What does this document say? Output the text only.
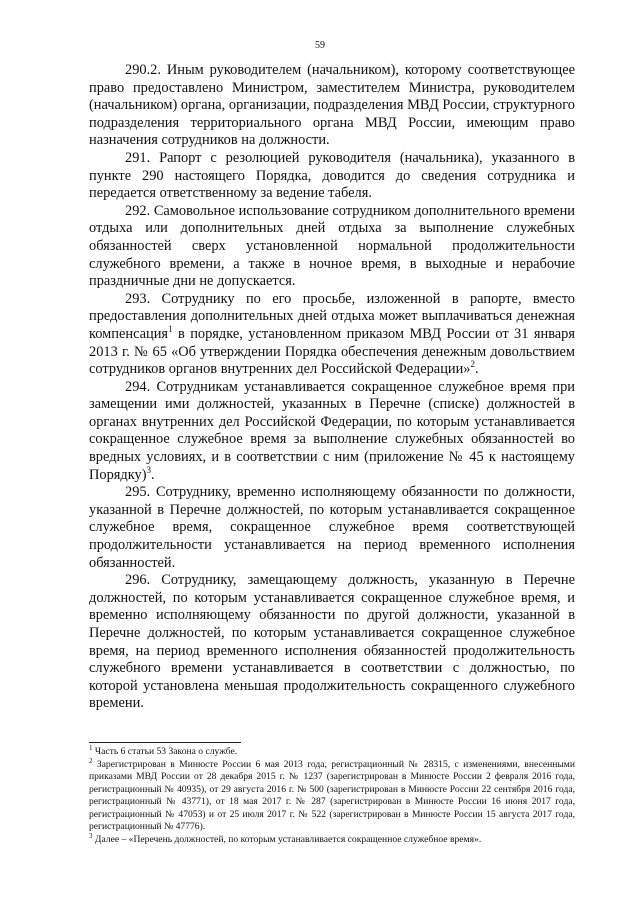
59

290.2. Иным руководителем (начальником), которому соответствующее право предоставлено Министром, заместителем Министра, руководителем (начальником) органа, организации, подразделения МВД России, структурного подразделения территориального органа МВД России, имеющим право назначения сотрудников на должности.

291. Рапорт с резолюцией руководителя (начальника), указанного в пункте 290 настоящего Порядка, доводится до сведения сотрудника и передается ответственному за ведение табеля.

292. Самовольное использование сотрудником дополнительного времени отдыха или дополнительных дней отдыха за выполнение служебных обязанностей сверх установленной нормальной продолжительности служебного времени, а также в ночное время, в выходные и нерабочие праздничные дни не допускается.

293. Сотруднику по его просьбе, изложенной в рапорте, вместо предоставления дополнительных дней отдыха может выплачиваться денежная компенсация$^1$ в порядке, установленном приказом МВД России от 31 января 2013 г. № 65 «Об утверждении Порядка обеспечения денежным довольствием сотрудников органов внутренних дел Российской Федерации»$^2$.

294. Сотрудникам устанавливается сокращенное служебное время при замещении ими должностей, указанных в Перечне (списке) должностей в органах внутренних дел Российской Федерации, по которым устанавливается сокращенное служебное время за выполнение служебных обязанностей во вредных условиях, и в соответствии с ним (приложение № 45 к настоящему Порядку)$^3$.

295. Сотруднику, временно исполняющему обязанности по должности, указанной в Перечне должностей, по которым устанавливается сокращенное служебное время, сокращенное служебное время соответствующей продолжительности устанавливается на период временного исполнения обязанностей.

296. Сотруднику, замещающему должность, указанную в Перечне должностей, по которым устанавливается сокращенное служебное время, и временно исполняющему обязанности по другой должности, указанной в Перечне должностей, по которым устанавливается сокращенное служебное время, на период временного исполнения обязанностей продолжительность служебного времени устанавливается в соответствии с должностью, по которой установлена меньшая продолжительность сокращенного служебного времени.

$^1$ Часть 6 статьи 53 Закона о службе.

$^2$ Зарегистрирован в Минюсте России 6 мая 2013 года, регистрационный № 28315, с изменениями, внесенными приказами МВД России от 28 декабря 2015 г. № 1237 (зарегистрирован в Минюсте России 2 февраля 2016 года, регистрационный № 40935), от 29 августа 2016 г. № 500 (зарегистрирован в Минюсте России 22 сентября 2016 года, регистрационный № 43771), от 18 мая 2017 г. № 287 (зарегистрирован в Минюсте России 16 июня 2017 года, регистрационный № 47053) и от 25 июля 2017 г. № 522 (зарегистрирован в Минюсте России 15 августа 2017 года, регистрационный № 47776).

$^3$ Далее – «Перечень должностей, по которым устанавливается сокращенное служебное время».
